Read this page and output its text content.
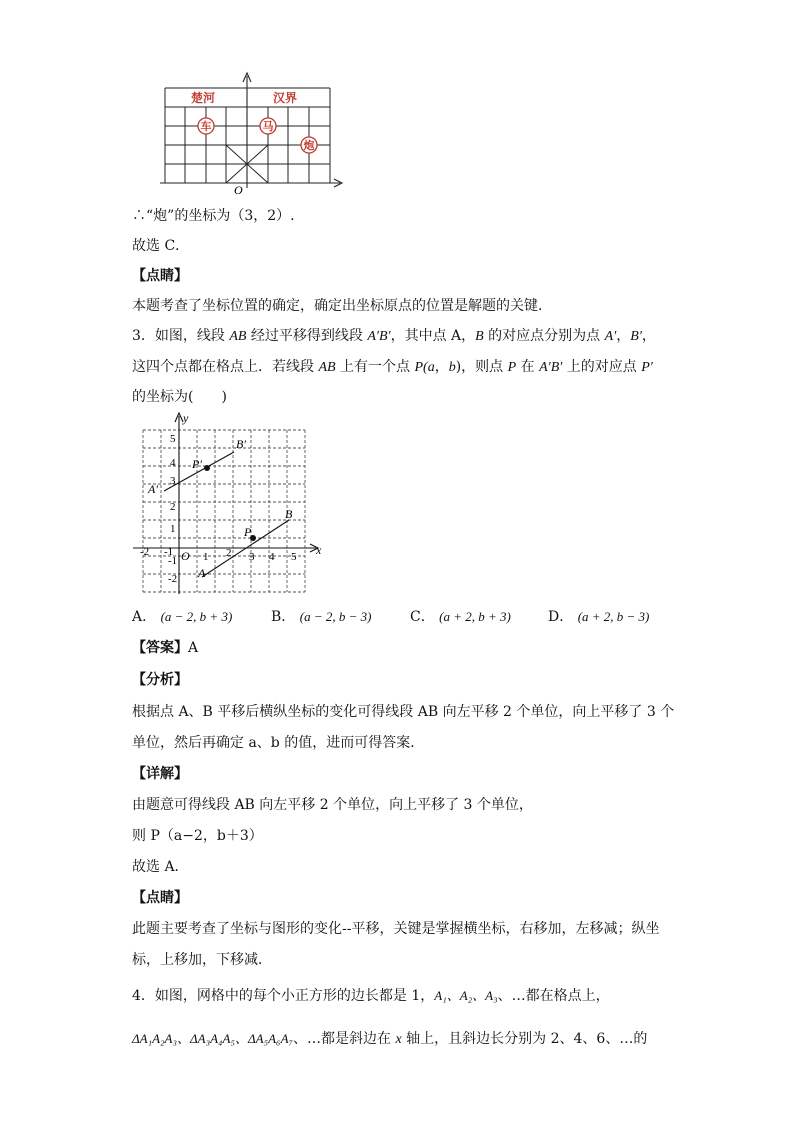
楚河	汉界
车	马
炮
O
∴“炮”的坐标为（3，2）.
故选 C．
【点睛】
本题考查了坐标位置的确定，确定出坐标原点的位置是解题的关键．
3．如图，线段 AB 经过平移得到线段 A′B′，其中点 A，B 的对应点分别为点 A′，B′，
这四个点都在格点上．若线段 AB 上有一个点 P(a，b)，则点 P 在 A′B′ 上的对应点 P′
的坐标为(　　)
y
x
O
5
4
3
2
1
-1
-2
-2 -1	1 2 3 4 5
A
B
P
A′
B′
P′
A． (a − 2, b + 3)	B． (a − 2, b − 3)	C． (a + 2, b + 3)	D． (a + 2, b − 3)
【答案】A
【分析】
根据点 A、B 平移后横纵坐标的变化可得线段 AB 向左平移 2 个单位，向上平移了 3 个
单位，然后再确定 a、b 的值，进而可得答案．
【详解】
由题意可得线段 AB 向左平移 2 个单位，向上平移了 3 个单位，
则 P（a−2，b＋3）
故选 A．
【点睛】
此题主要考查了坐标与图形的变化--平移，关键是掌握横坐标，右移加，左移减；纵坐
标，上移加，下移减．
4．如图，网格中的每个小正方形的边长都是 1，A₁、A₂、A₃、…都在格点上，
ΔA₁A₂A₃、ΔA₃A₄A₅、ΔA₅A₆A₇、…都是斜边在 x 轴上，且斜边长分别为 2、4、6、…的
